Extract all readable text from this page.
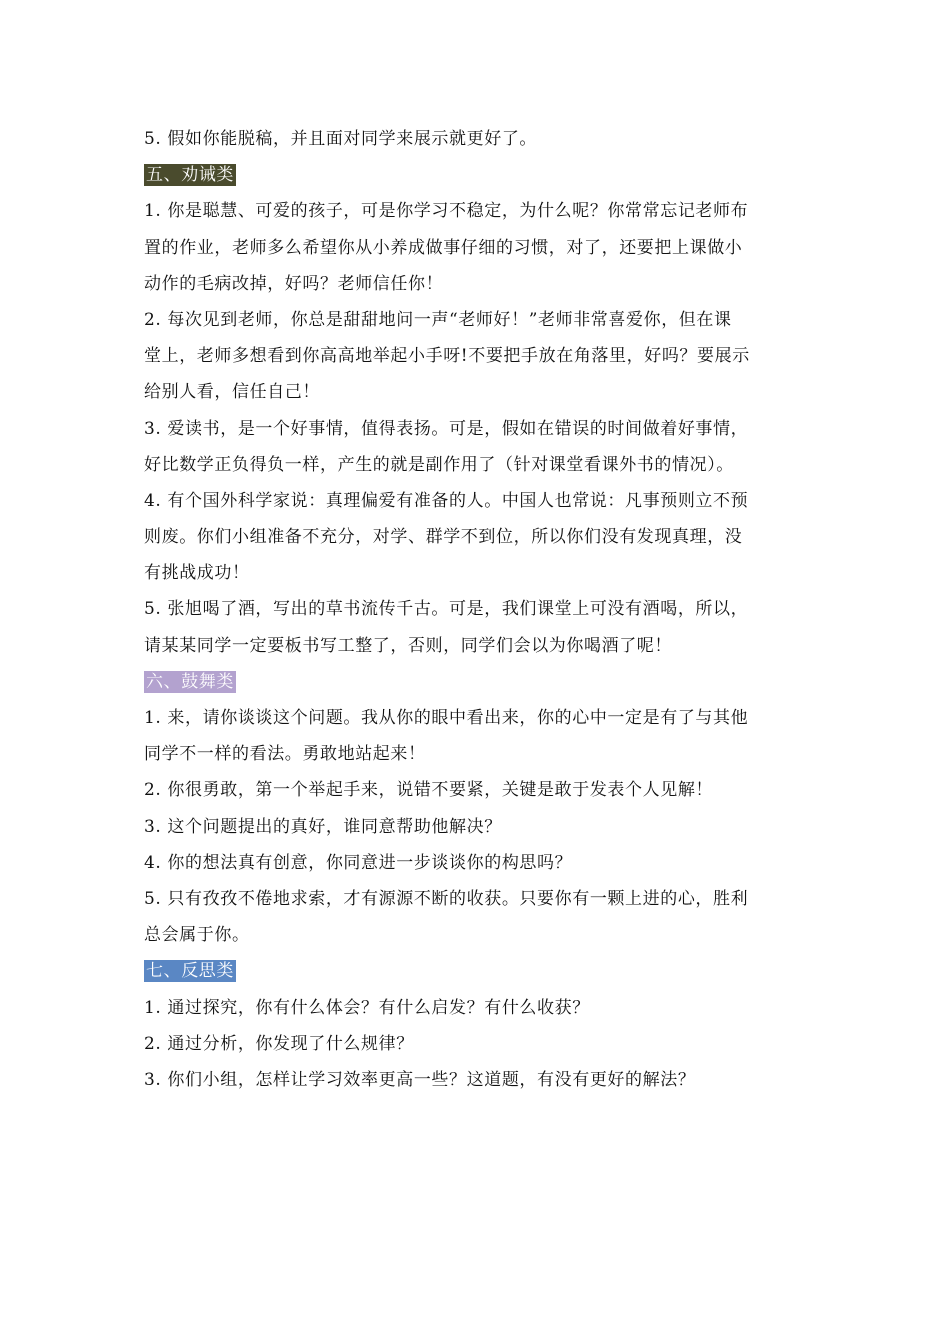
5. 假如你能脱稿，并且面对同学来展示就更好了。
五、劝诫类
1. 你是聪慧、可爱的孩子，可是你学习不稳定，为什么呢？你常常忘记老师布
置的作业，老师多么希望你从小养成做事仔细的习惯，对了，还要把上课做小
动作的毛病改掉，好吗？老师信任你！
2. 每次见到老师，你总是甜甜地问一声“老师好！”老师非常喜爱你，但在课
堂上，老师多想看到你高高地举起小手呀!不要把手放在角落里，好吗？要展示
给别人看，信任自己！
3. 爱读书，是一个好事情，值得表扬。可是，假如在错误的时间做着好事情，
好比数学正负得负一样，产生的就是副作用了（针对课堂看课外书的情况）。
4. 有个国外科学家说：真理偏爱有准备的人。中国人也常说：凡事预则立不预
则废。你们小组准备不充分，对学、群学不到位，所以你们没有发现真理，没
有挑战成功！
5. 张旭喝了酒，写出的草书流传千古。可是，我们课堂上可没有酒喝，所以，
请某某同学一定要板书写工整了，否则，同学们会以为你喝酒了呢！
六、鼓舞类
1. 来，请你谈谈这个问题。我从你的眼中看出来，你的心中一定是有了与其他
同学不一样的看法。勇敢地站起来！
2. 你很勇敢，第一个举起手来，说错不要紧，关键是敢于发表个人见解！
3. 这个问题提出的真好，谁同意帮助他解决？
4. 你的想法真有创意，你同意进一步谈谈你的构思吗？
5. 只有孜孜不倦地求索，才有源源不断的收获。只要你有一颗上进的心，胜利
总会属于你。
七、反思类
1. 通过探究，你有什么体会？有什么启发？有什么收获？
2. 通过分析，你发现了什么规律？
3. 你们小组，怎样让学习效率更高一些？这道题，有没有更好的解法？
